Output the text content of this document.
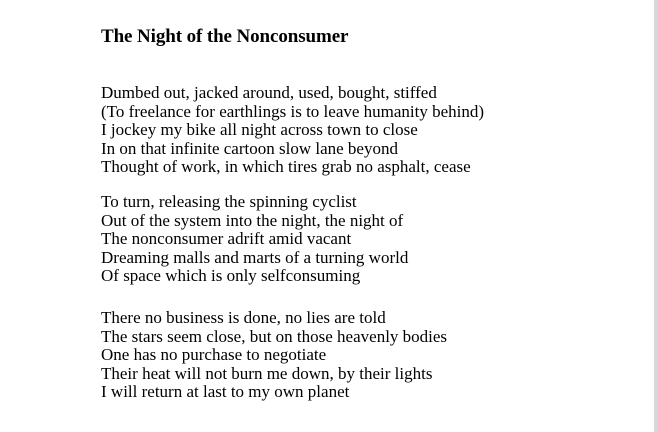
The Night of the Nonconsumer

Dumbed out, jacked around, used, bought, stiffed
(To freelance for earthlings is to leave humanity behind)
I jockey my bike all night across town to close
In on that infinite cartoon slow lane beyond
Thought of work, in which tires grab no asphalt, cease

To turn, releasing the spinning cyclist
Out of the system into the night, the night of
The nonconsumer adrift amid vacant
Dreaming malls and marts of a turning world
Of space which is only selfconsuming

There no business is done, no lies are told
The stars seem close, but on those heavenly bodies
One has no purchase to negotiate
Their heat will not burn me down, by their lights
I will return at last to my own planet
